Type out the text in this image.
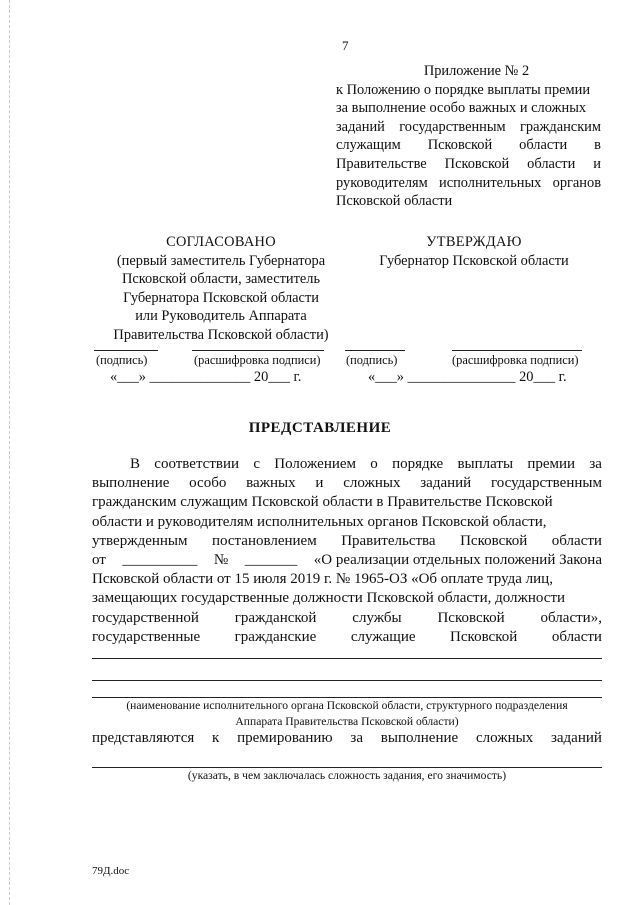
7
Приложение № 2
к Положению о порядке выплаты премии
за выполнение особо важных и сложных
заданий государственным гражданским
служащим Псковской области в
Правительстве Псковской области и
руководителям исполнительных органов
Псковской области
СОГЛАСОВАНО
(первый заместитель Губернатора
Псковской области, заместитель
Губернатора Псковской области
или Руководитель Аппарата
Правительства Псковской области)
УТВЕРЖДАЮ
Губернатор Псковской области
(подпись)	(расшифровка подписи) (подпись)	(расшифровка подписи)
«___» ______________ 20___ г.	«___» _______________ 20___ г.
ПРЕДСТАВЛЕНИЕ
В соответствии с Положением о порядке выплаты премии за
выполнение особо важных и сложных заданий государственным
гражданским служащим Псковской области в Правительстве Псковской
области и руководителям исполнительных органов Псковской области,
утвержденным постановлением Правительства Псковской области
от __________ № _______ «О реализации отдельных положений Закона
Псковской области от 15 июля 2019 г. № 1965-ОЗ «Об оплате труда лиц,
замещающих государственные должности Псковской области, должности
государственной гражданской службы Псковской области»,
государственные гражданские служащие Псковской области
(наименование исполнительного органа Псковской области, структурного подразделения
Аппарата Правительства Псковской области)
представляются к премированию за выполнение сложных заданий
(указать, в чем заключалась сложность задания, его значимость)
79Д.doc
